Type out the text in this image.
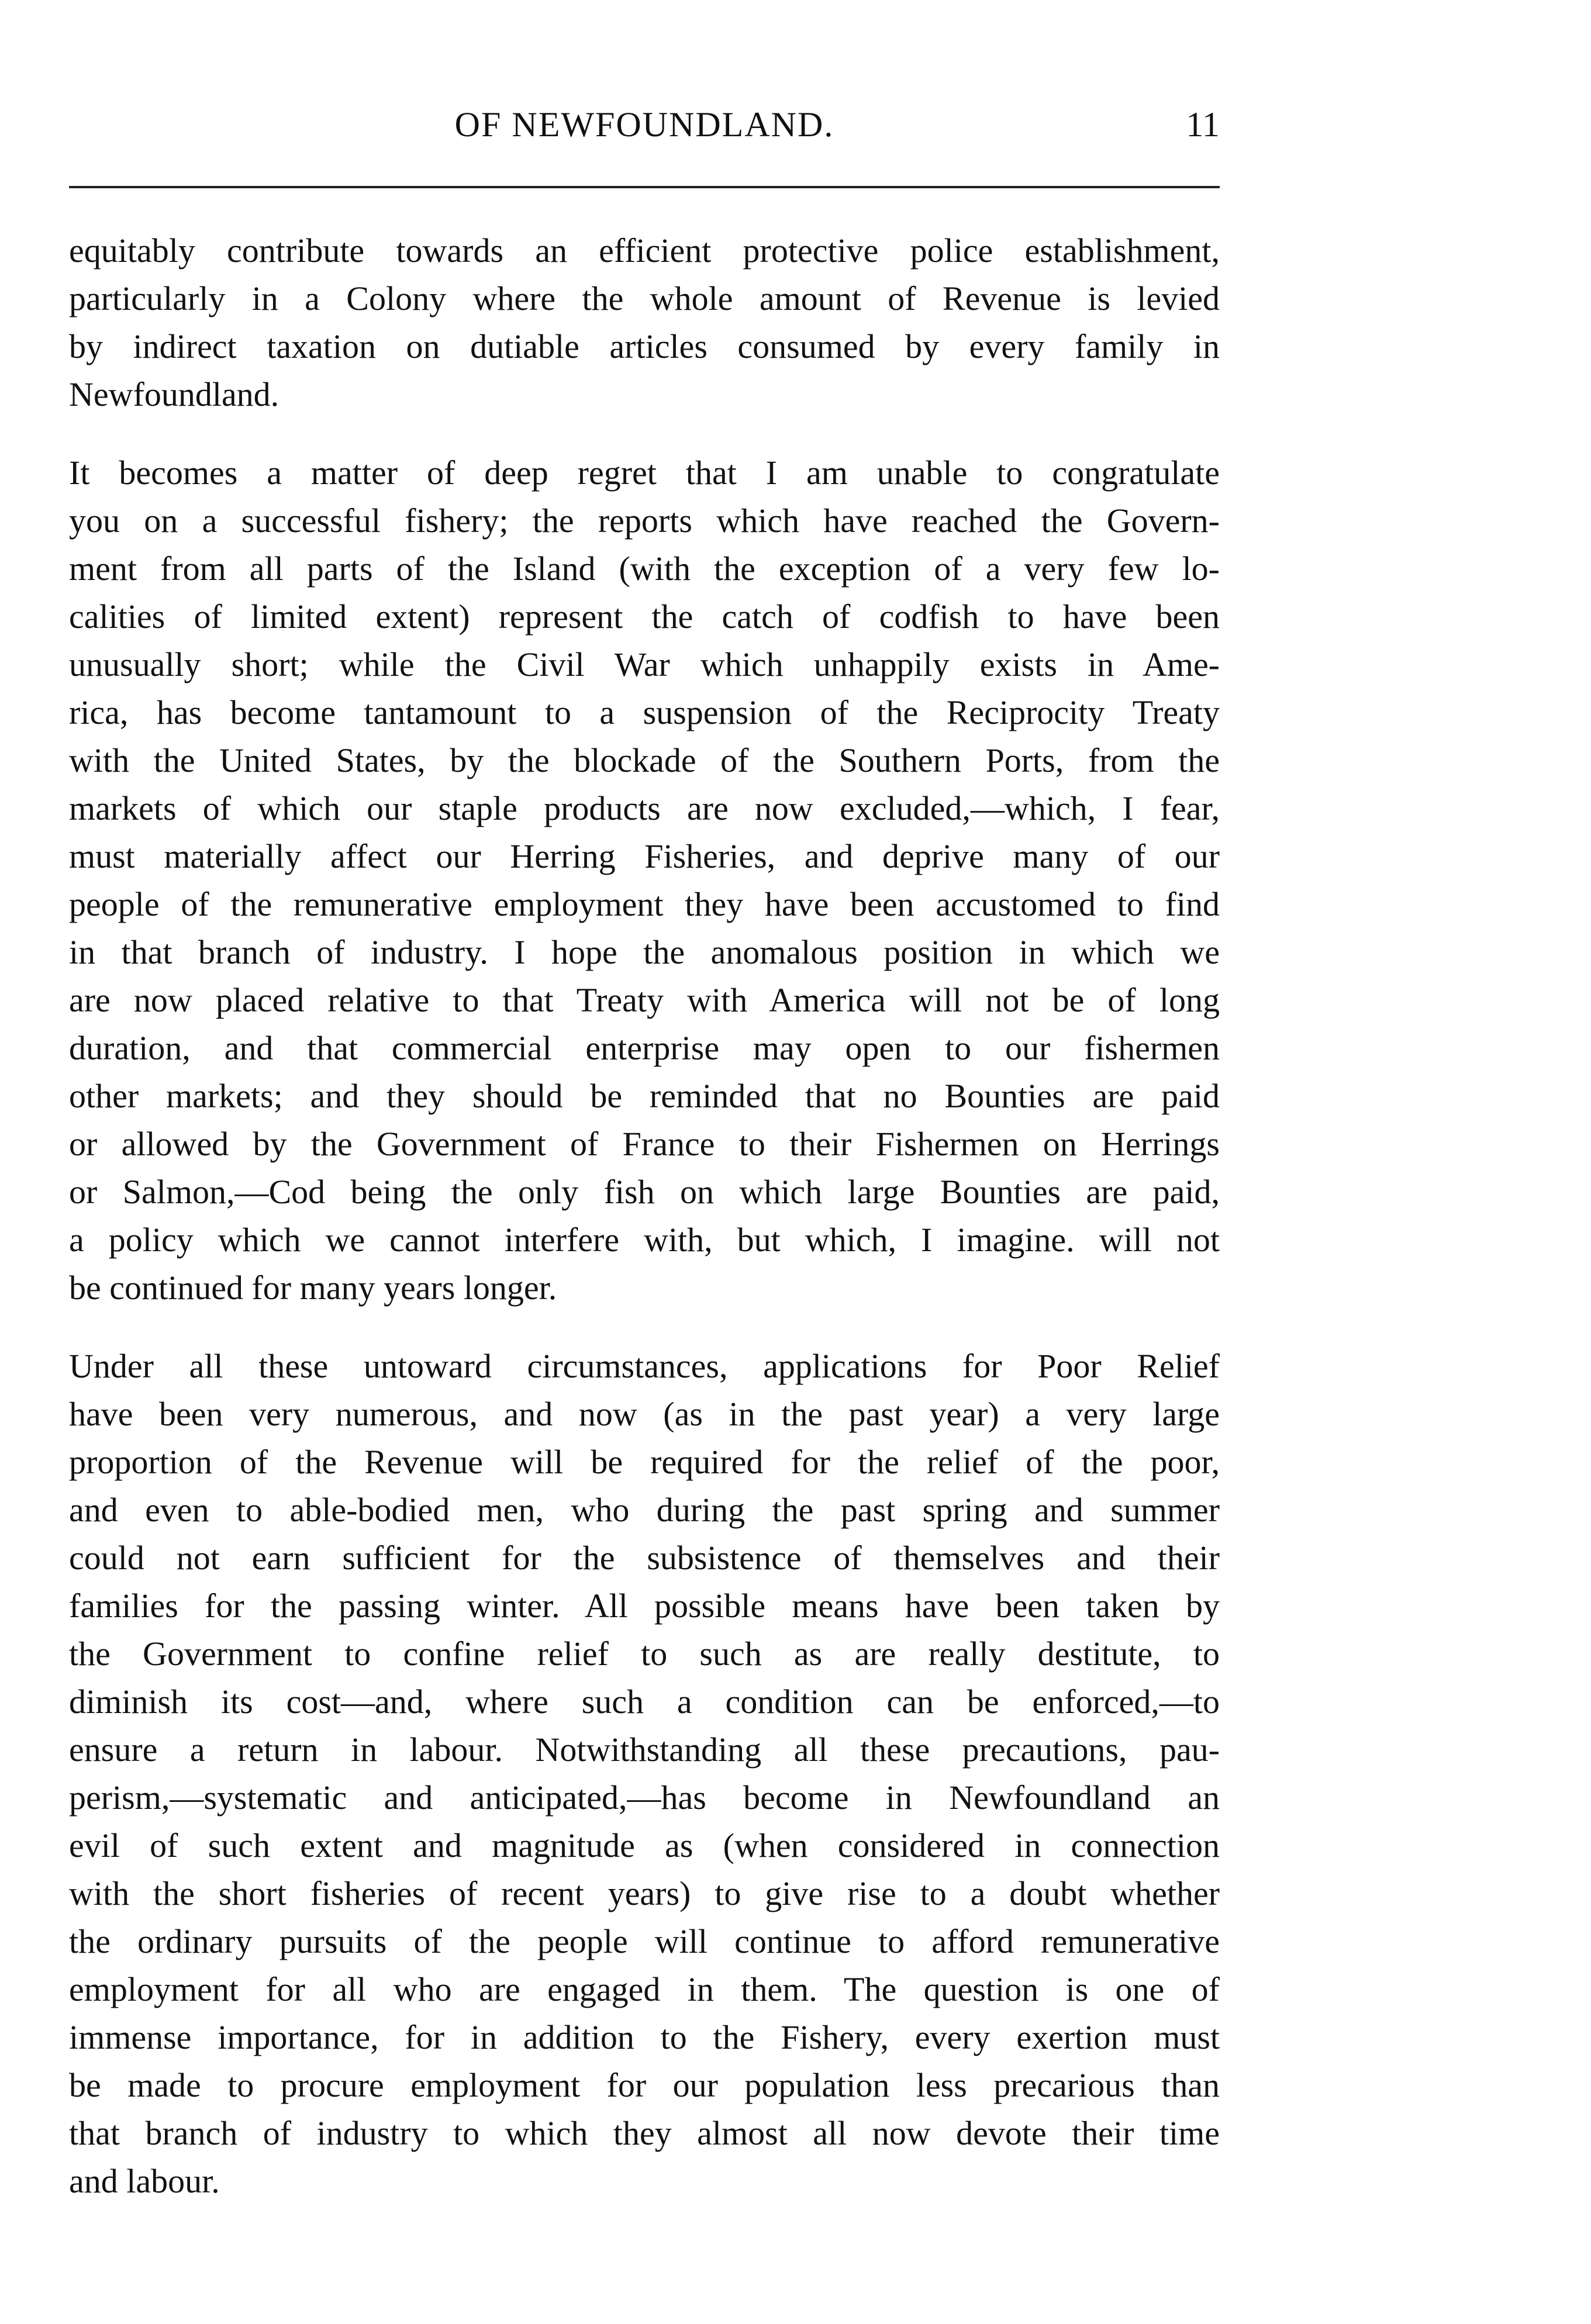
OF NEWFOUNDLAND.	11
equitably contribute towards an efficient protective police establishment,
particularly in a Colony where the whole amount of Revenue is levied
by indirect taxation on dutiable articles consumed by every family in
Newfoundland.
It becomes a matter of deep regret that I am unable to congratulate
you on a successful fishery; the reports which have reached the Govern-
ment from all parts of the Island (with the exception of a very few lo-
calities of limited extent) represent the catch of codfish to have been
unusually short; while the Civil War which unhappily exists in Ame-
rica, has become tantamount to a suspension of the Reciprocity Treaty
with the United States, by the blockade of the Southern Ports, from the
markets of which our staple products are now excluded,—which, I fear,
must materially affect our Herring Fisheries, and deprive many of our
people of the remunerative employment they have been accustomed to find
in that branch of industry. I hope the anomalous position in which we
are now placed relative to that Treaty with America will not be of long
duration, and that commercial enterprise may open to our fishermen
other markets; and they should be reminded that no Bounties are paid
or allowed by the Government of France to their Fishermen on Herrings
or Salmon,—Cod being the only fish on which large Bounties are paid,
a policy which we cannot interfere with, but which, I imagine. will not
be continued for many years longer.
Under all these untoward circumstances, applications for Poor Relief
have been very numerous, and now (as in the past year) a very large
proportion of the Revenue will be required for the relief of the poor,
and even to able-bodied men, who during the past spring and summer
could not earn sufficient for the subsistence of themselves and their
families for the passing winter. All possible means have been taken by
the Government to confine relief to such as are really destitute, to
diminish its cost—and, where such a condition can be enforced,—to
ensure a return in labour. Notwithstanding all these precautions, pau-
perism,—systematic and anticipated,—has become in Newfoundland an
evil of such extent and magnitude as (when considered in connection
with the short fisheries of recent years) to give rise to a doubt whether
the ordinary pursuits of the people will continue to afford remunerative
employment for all who are engaged in them. The question is one of
immense importance, for in addition to the Fishery, every exertion must
be made to procure employment for our population less precarious than
that branch of industry to which they almost all now devote their time
and labour.
